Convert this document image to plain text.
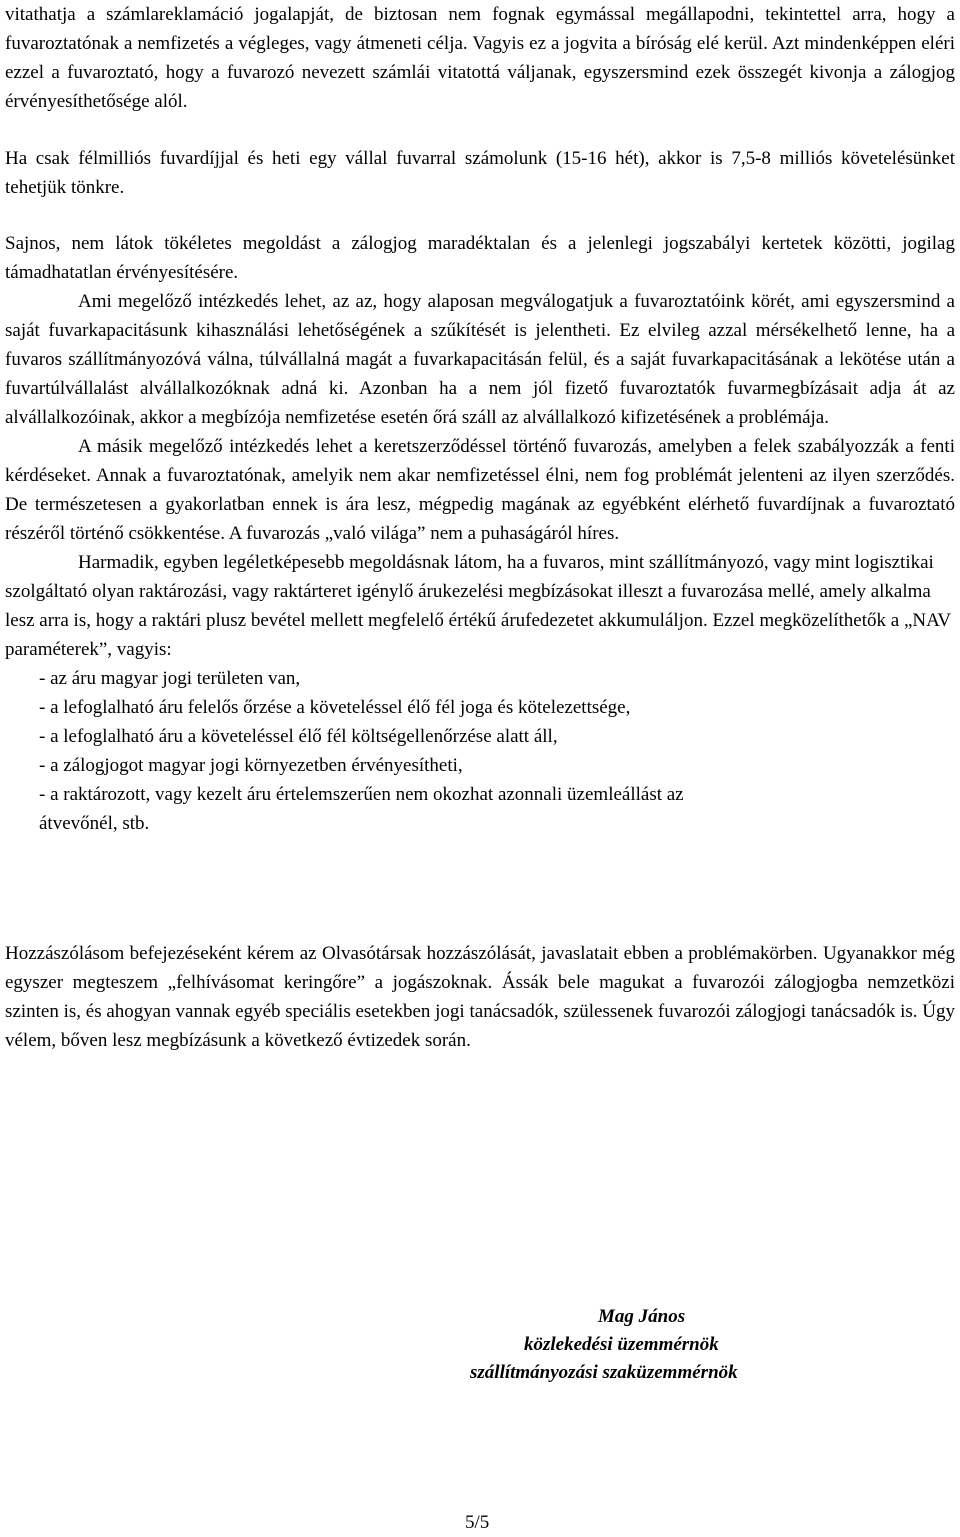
vitathatja a számlareklamáció jogalapját, de biztosan nem fognak egymással megállapodni, tekintettel arra, hogy a fuvaroztatónak a nemfizetés a végleges, vagy átmeneti célja. Vagyis ez a jogvita a bíróság elé kerül. Azt mindenképpen eléri ezzel a fuvaroztató, hogy a fuvarozó nevezett számlái vitatottá váljanak, egyszersmind ezek összegét kivonja a zálogjog érvényesíthetősége alól.

Ha csak félmilliós fuvardíjjal és heti egy vállal fuvarral számolunk (15-16 hét), akkor is 7,5-8 milliós követelésünket tehetjük tönkre.

Sajnos, nem látok tökéletes megoldást a zálogjog maradéktalan és a jelenlegi jogszabályi kertetek közötti, jogilag támadhatatlan érvényesítésére.

Ami megelőző intézkedés lehet, az az, hogy alaposan megválogatjuk a fuvaroztatóink körét, ami egyszersmind a saját fuvarkapacitásunk kihasználási lehetőségének a szűkítését is jelentheti. Ez elvileg azzal mérsékelhető lenne, ha a fuvaros szállítmányozóvá válna, túlvállalná magát a fuvarkapacitásán felül, és a saját fuvarkapacitásának a lekötése után a fuvartúlvállalást alvállalkozóknak adná ki. Azonban ha a nem jól fizető fuvaroztatók fuvarmegbízásait adja át az alvállalkozóinak, akkor a megbízója nemfizetése esetén őrá száll az alvállalkozó kifizetésének a problémája.

A másik megelőző intézkedés lehet a keretszerződéssel történő fuvarozás, amelyben a felek szabályozzák a fenti kérdéseket. Annak a fuvaroztatónak, amelyik nem akar nemfizetéssel élni, nem fog problémát jelenteni az ilyen szerződés. De természetesen a gyakorlatban ennek is ára lesz, mégpedig magának az egyébként elérhető fuvardíjnak a fuvaroztató részéről történő csökkentése. A fuvarozás „való világa” nem a puhaságáról híres.

Harmadik, egyben legéletképesebb megoldásnak látom, ha a fuvaros, mint szállítmányozó, vagy mint logisztikai szolgáltató olyan raktározási, vagy raktárteret igénylő árukezelési megbízásokat illeszt a fuvarozása mellé, amely alkalma lesz arra is, hogy a raktári plusz bevétel mellett megfelelő értékű árufedezetet akkumuláljon. Ezzel megközelíthetők a „NAV paraméterek”, vagyis:

- az áru magyar jogi területen van,
- a lefoglalható áru felelős őrzése a követeléssel élő fél joga és kötelezettsége,
- a lefoglalható áru a követeléssel élő fél költségellenőrzése alatt áll,
- a zálogjogot magyar jogi környezetben érvényesítheti,
- a raktározott, vagy kezelt áru értelemszerűen nem okozhat azonnali üzemleállást az
átvevőnél, stb.

Hozzászólásom befejezéseként kérem az Olvasótársak hozzászólását, javaslatait ebben a problémakörben. Ugyanakkor még egyszer megteszem „felhívásomat keringőre” a jogászoknak. Ássák bele magukat a fuvarozói zálogjogba nemzetközi szinten is, és ahogyan vannak egyéb speciális esetekben jogi tanácsadók, szülessenek fuvarozói zálogjogi tanácsadók is. Úgy vélem, bőven lesz megbízásunk a következő évtizedek során.

Mag János
közlekedési üzemmérnök
szállítmányozási szaküzemmérnök
5/5
